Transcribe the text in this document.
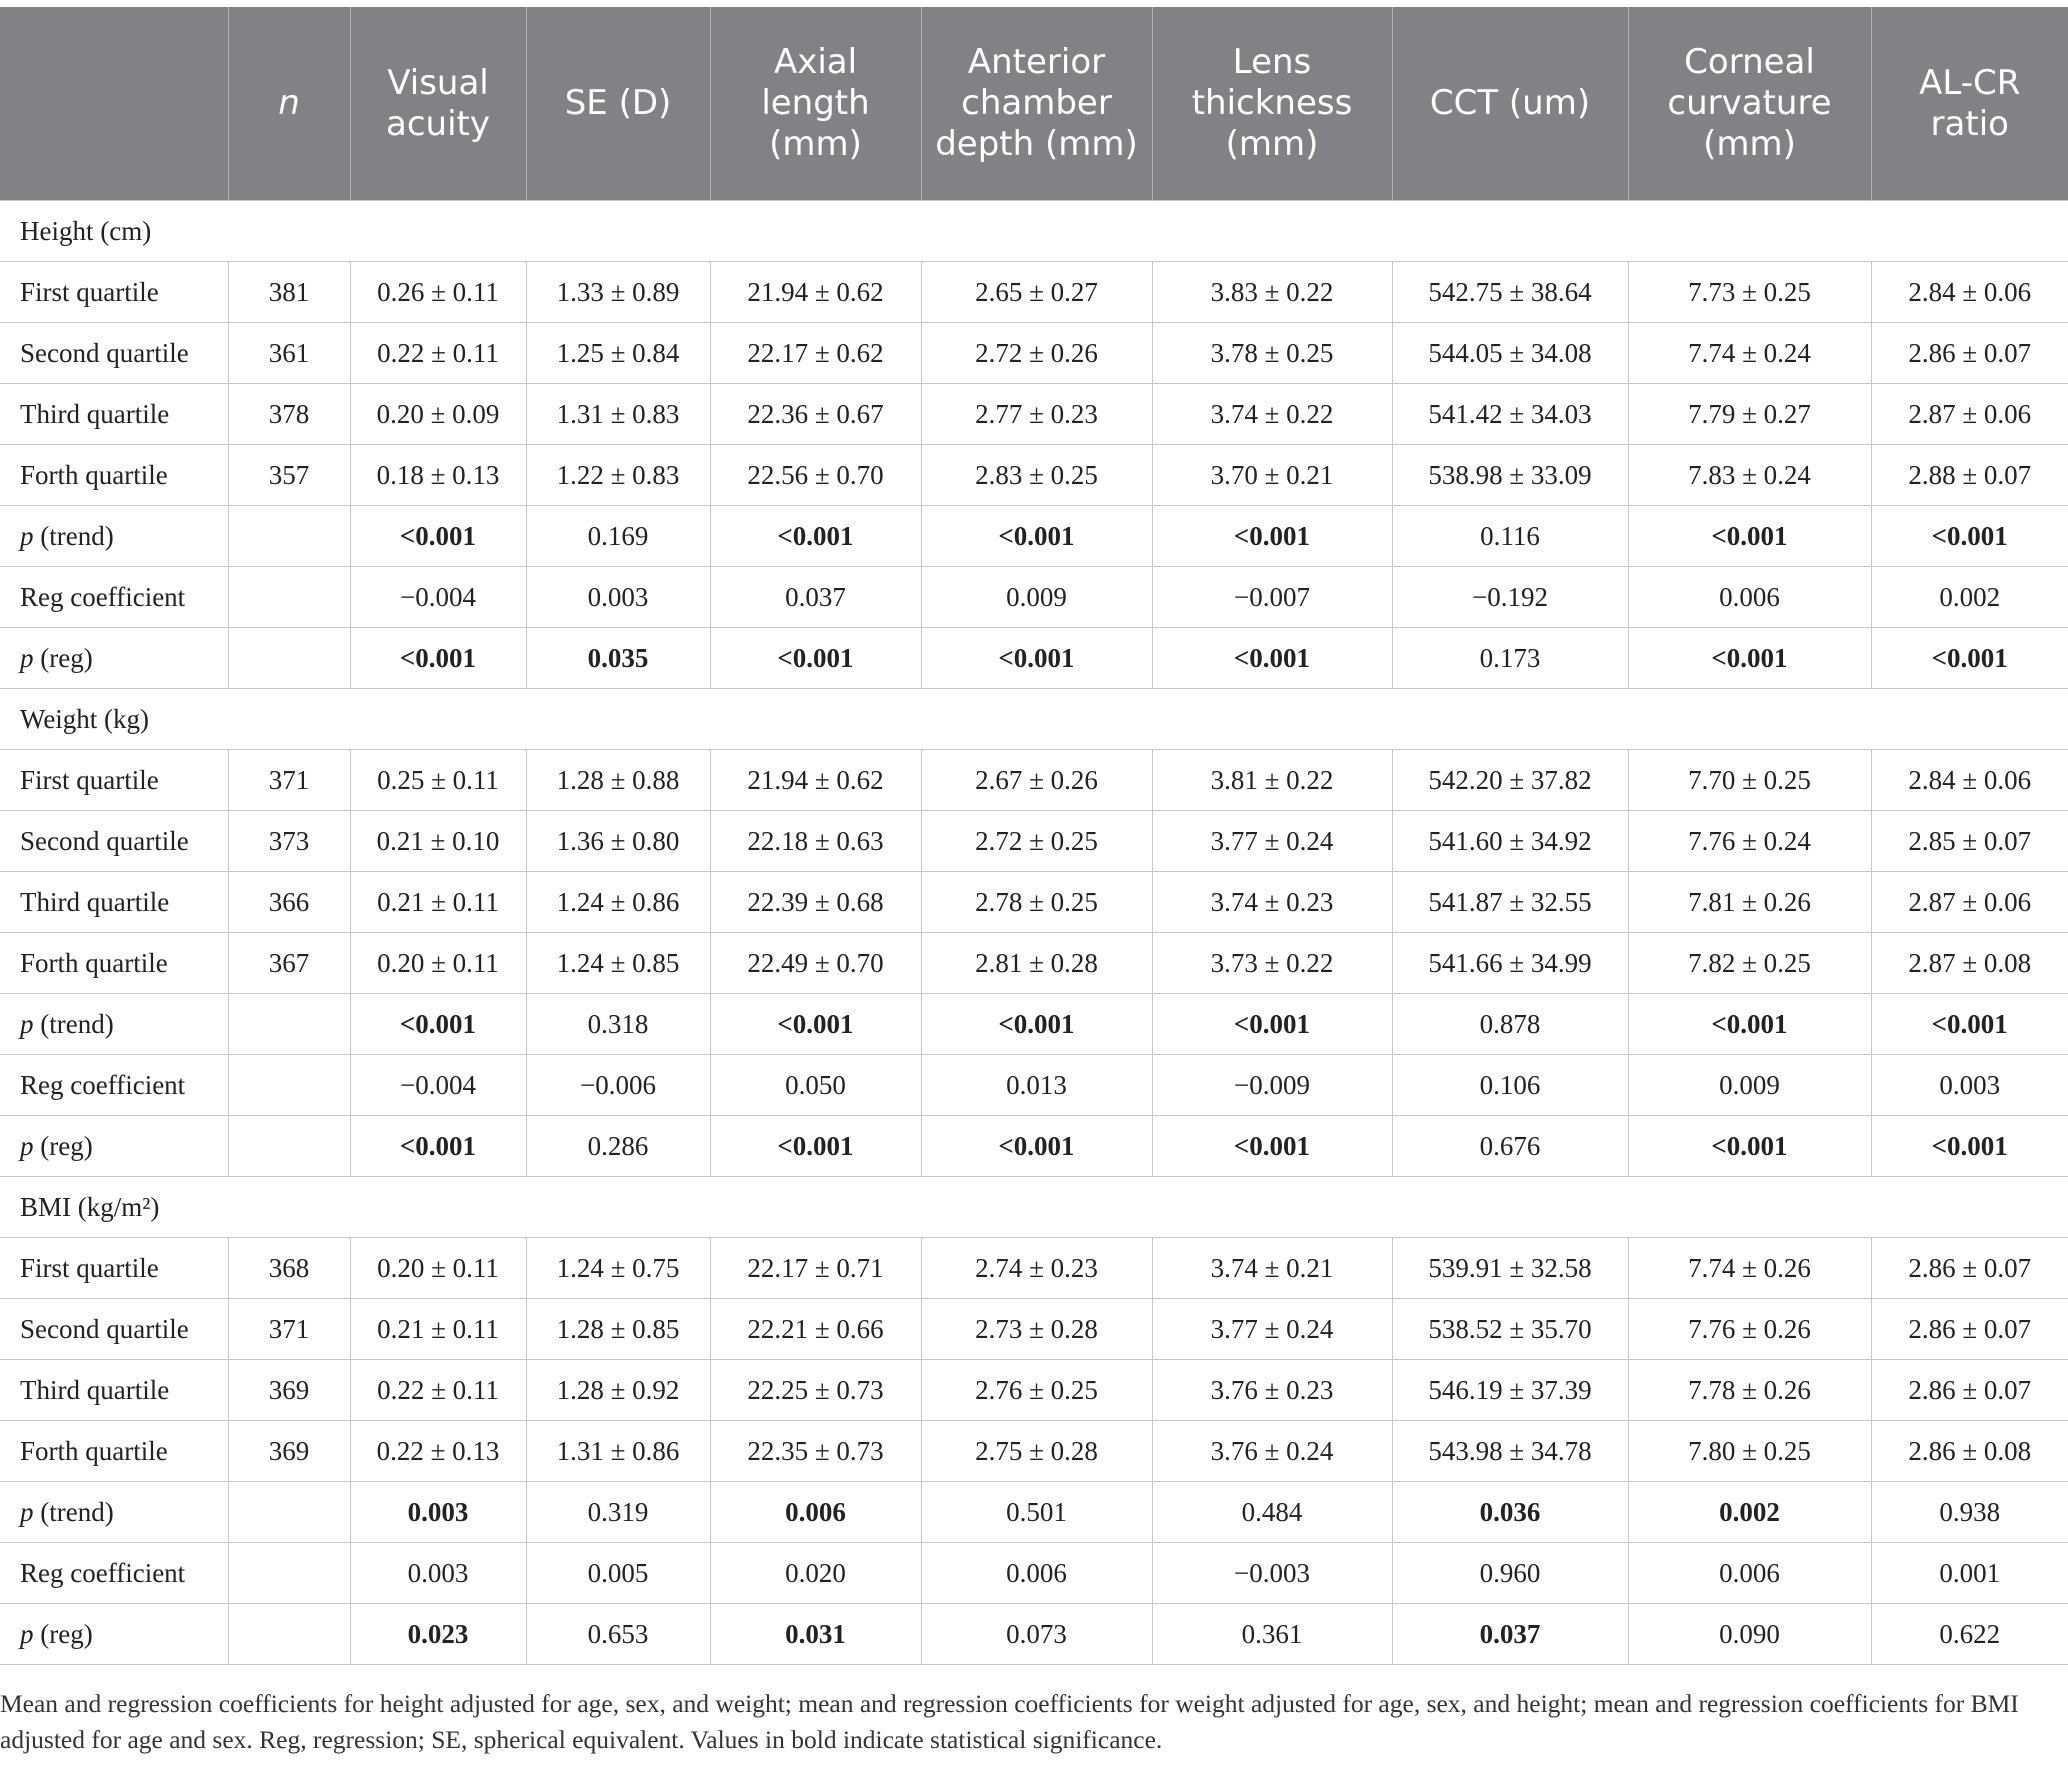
	n	Visual acuity	SE (D)	Axial length (mm)	Anterior chamber depth (mm)	Lens thickness (mm)	CCT (um)	Corneal curvature (mm)	AL-CR ratio
Height (cm)									
First quartile	381	0.26 ± 0.11	1.33 ± 0.89	21.94 ± 0.62	2.65 ± 0.27	3.83 ± 0.22	542.75 ± 38.64	7.73 ± 0.25	2.84 ± 0.06
Second quartile	361	0.22 ± 0.11	1.25 ± 0.84	22.17 ± 0.62	2.72 ± 0.26	3.78 ± 0.25	544.05 ± 34.08	7.74 ± 0.24	2.86 ± 0.07
Third quartile	378	0.20 ± 0.09	1.31 ± 0.83	22.36 ± 0.67	2.77 ± 0.23	3.74 ± 0.22	541.42 ± 34.03	7.79 ± 0.27	2.87 ± 0.06
Forth quartile	357	0.18 ± 0.13	1.22 ± 0.83	22.56 ± 0.70	2.83 ± 0.25	3.70 ± 0.21	538.98 ± 33.09	7.83 ± 0.24	2.88 ± 0.07
p (trend)		<0.001	0.169	<0.001	<0.001	<0.001	0.116	<0.001	<0.001
Reg coefficient		−0.004	0.003	0.037	0.009	−0.007	−0.192	0.006	0.002
p (reg)		<0.001	0.035	<0.001	<0.001	<0.001	0.173	<0.001	<0.001
Weight (kg)									
First quartile	371	0.25 ± 0.11	1.28 ± 0.88	21.94 ± 0.62	2.67 ± 0.26	3.81 ± 0.22	542.20 ± 37.82	7.70 ± 0.25	2.84 ± 0.06
Second quartile	373	0.21 ± 0.10	1.36 ± 0.80	22.18 ± 0.63	2.72 ± 0.25	3.77 ± 0.24	541.60 ± 34.92	7.76 ± 0.24	2.85 ± 0.07
Third quartile	366	0.21 ± 0.11	1.24 ± 0.86	22.39 ± 0.68	2.78 ± 0.25	3.74 ± 0.23	541.87 ± 32.55	7.81 ± 0.26	2.87 ± 0.06
Forth quartile	367	0.20 ± 0.11	1.24 ± 0.85	22.49 ± 0.70	2.81 ± 0.28	3.73 ± 0.22	541.66 ± 34.99	7.82 ± 0.25	2.87 ± 0.08
p (trend)		<0.001	0.318	<0.001	<0.001	<0.001	0.878	<0.001	<0.001
Reg coefficient		−0.004	−0.006	0.050	0.013	−0.009	0.106	0.009	0.003
p (reg)		<0.001	0.286	<0.001	<0.001	<0.001	0.676	<0.001	<0.001
BMI (kg/m²)									
First quartile	368	0.20 ± 0.11	1.24 ± 0.75	22.17 ± 0.71	2.74 ± 0.23	3.74 ± 0.21	539.91 ± 32.58	7.74 ± 0.26	2.86 ± 0.07
Second quartile	371	0.21 ± 0.11	1.28 ± 0.85	22.21 ± 0.66	2.73 ± 0.28	3.77 ± 0.24	538.52 ± 35.70	7.76 ± 0.26	2.86 ± 0.07
Third quartile	369	0.22 ± 0.11	1.28 ± 0.92	22.25 ± 0.73	2.76 ± 0.25	3.76 ± 0.23	546.19 ± 37.39	7.78 ± 0.26	2.86 ± 0.07
Forth quartile	369	0.22 ± 0.13	1.31 ± 0.86	22.35 ± 0.73	2.75 ± 0.28	3.76 ± 0.24	543.98 ± 34.78	7.80 ± 0.25	2.86 ± 0.08
p (trend)		0.003	0.319	0.006	0.501	0.484	0.036	0.002	0.938
Reg coefficient		0.003	0.005	0.020	0.006	−0.003	0.960	0.006	0.001
p (reg)		0.023	0.653	0.031	0.073	0.361	0.037	0.090	0.622
Mean and regression coefficients for height adjusted for age, sex, and weight; mean and regression coefficients for weight adjusted for age, sex, and height; mean and regression coefficients for BMI adjusted for age and sex. Reg, regression; SE, spherical equivalent. Values in bold indicate statistical significance.
